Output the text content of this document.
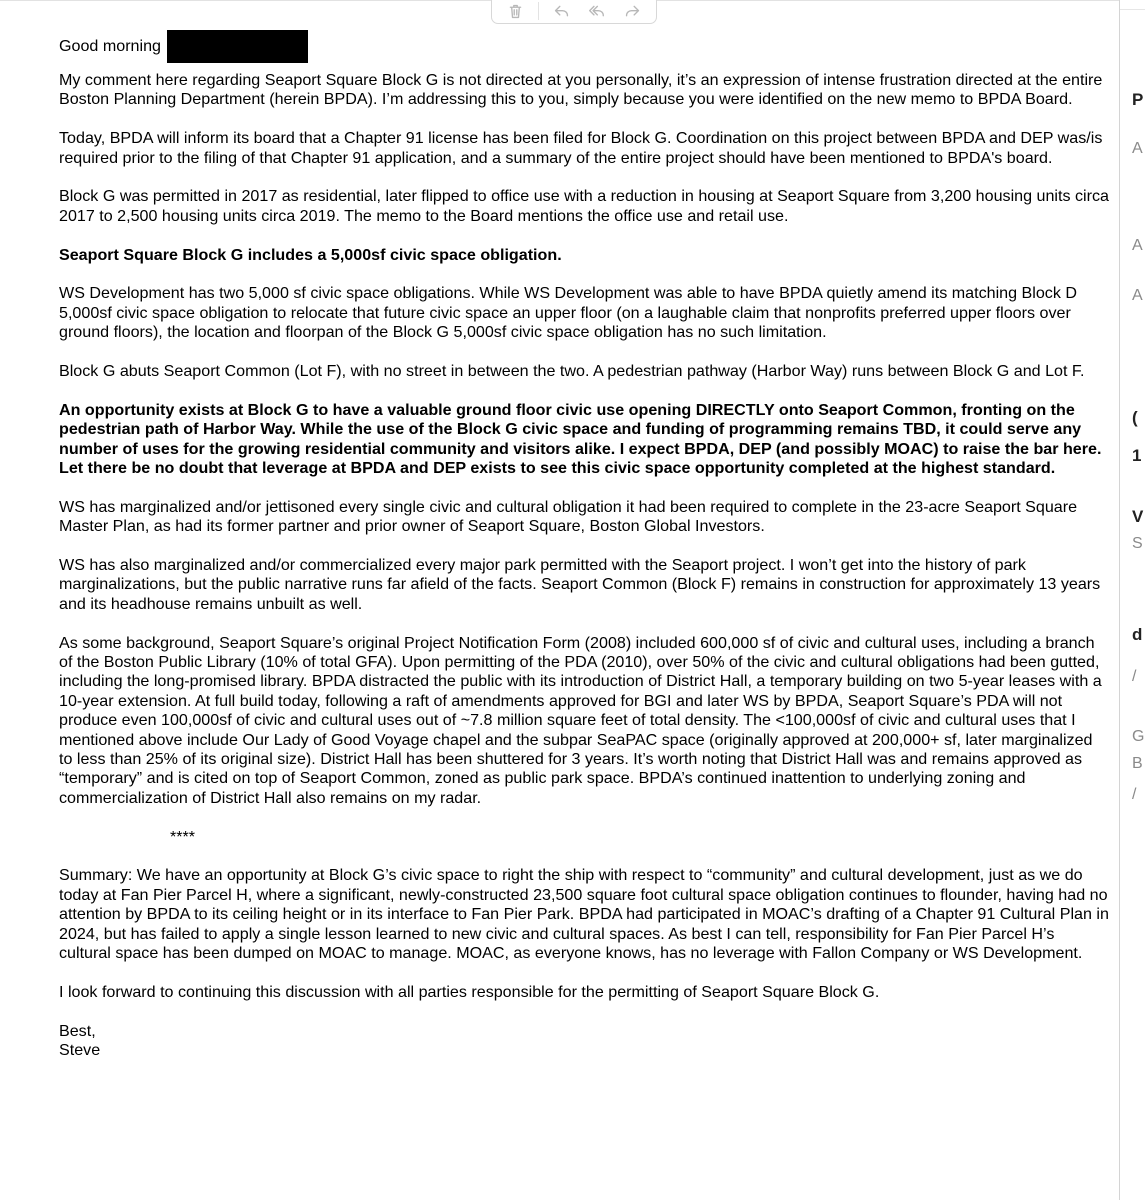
Good morning

My comment here regarding Seaport Square Block G is not directed at you personally, it’s an expression of intense frustration directed at the entire Boston Planning Department (herein BPDA). I’m addressing this to you, simply because you were identified on the new memo to BPDA Board.

Today, BPDA will inform its board that a Chapter 91 license has been filed for Block G. Coordination on this project between BPDA and DEP was/is required prior to the filing of that Chapter 91 application, and a summary of the entire project should have been mentioned to BPDA's board.

Block G was permitted in 2017 as residential, later flipped to office use with a reduction in housing at Seaport Square from 3,200 housing units circa 2017 to 2,500 housing units circa 2019. The memo to the Board mentions the office use and retail use.

Seaport Square Block G includes a 5,000sf civic space obligation.

WS Development has two 5,000 sf civic space obligations. While WS Development was able to have BPDA quietly amend its matching Block D 5,000sf civic space obligation to relocate that future civic space an upper floor (on a laughable claim that nonprofits preferred upper floors over ground floors), the location and floorpan of the Block G 5,000sf civic space obligation has no such limitation.

Block G abuts Seaport Common (Lot F), with no street in between the two. A pedestrian pathway (Harbor Way) runs between Block G and Lot F.

An opportunity exists at Block G to have a valuable ground floor civic use opening DIRECTLY onto Seaport Common, fronting on the pedestrian path of Harbor Way. While the use of the Block G civic space and funding of programming remains TBD, it could serve any number of uses for the growing residential community and visitors alike. I expect BPDA, DEP (and possibly MOAC) to raise the bar here. Let there be no doubt that leverage at BPDA and DEP exists to see this civic space opportunity completed at the highest standard.

WS has marginalized and/or jettisoned every single civic and cultural obligation it had been required to complete in the 23-acre Seaport Square Master Plan, as had its former partner and prior owner of Seaport Square, Boston Global Investors.

WS has also marginalized and/or commercialized every major park permitted with the Seaport project. I won’t get into the history of park marginalizations, but the public narrative runs far afield of the facts. Seaport Common (Block F) remains in construction for approximately 13 years and its headhouse remains unbuilt as well.

As some background, Seaport Square’s original Project Notification Form (2008) included 600,000 sf of civic and cultural uses, including a branch of the Boston Public Library (10% of total GFA). Upon permitting of the PDA (2010), over 50% of the civic and cultural obligations had been gutted, including the long-promised library. BPDA distracted the public with its introduction of District Hall, a temporary building on two 5-year leases with a 10-year extension. At full build today, following a raft of amendments approved for BGI and later WS by BPDA, Seaport Square’s PDA will not produce even 100,000sf of civic and cultural uses out of ~7.8 million square feet of total density. The <100,000sf of civic and cultural uses that I mentioned above include Our Lady of Good Voyage chapel and the subpar SeaPAC space (originally approved at 200,000+ sf, later marginalized to less than 25% of its original size). District Hall has been shuttered for 3 years. It’s worth noting that District Hall was and remains approved as “temporary” and is cited on top of Seaport Common, zoned as public park space. BPDA’s continued inattention to underlying zoning and commercialization of District Hall also remains on my radar.

****

Summary: We have an opportunity at Block G’s civic space to right the ship with respect to “community” and cultural development, just as we do today at Fan Pier Parcel H, where a significant, newly-constructed 23,500 square foot cultural space obligation continues to flounder, having had no attention by BPDA to its ceiling height or in its interface to Fan Pier Park. BPDA had participated in MOAC’s drafting of a Chapter 91 Cultural Plan in 2024, but has failed to apply a single lesson learned to new civic and cultural spaces. As best I can tell, responsibility for Fan Pier Parcel H’s cultural space has been dumped on MOAC to manage. MOAC, as everyone knows, has no leverage with Fallon Company or WS Development.

I look forward to continuing this discussion with all parties responsible for the permitting of Seaport Square Block G.

Best,
Steve

P
A
A
A
(
1
V
S
d
/
G
B
/
